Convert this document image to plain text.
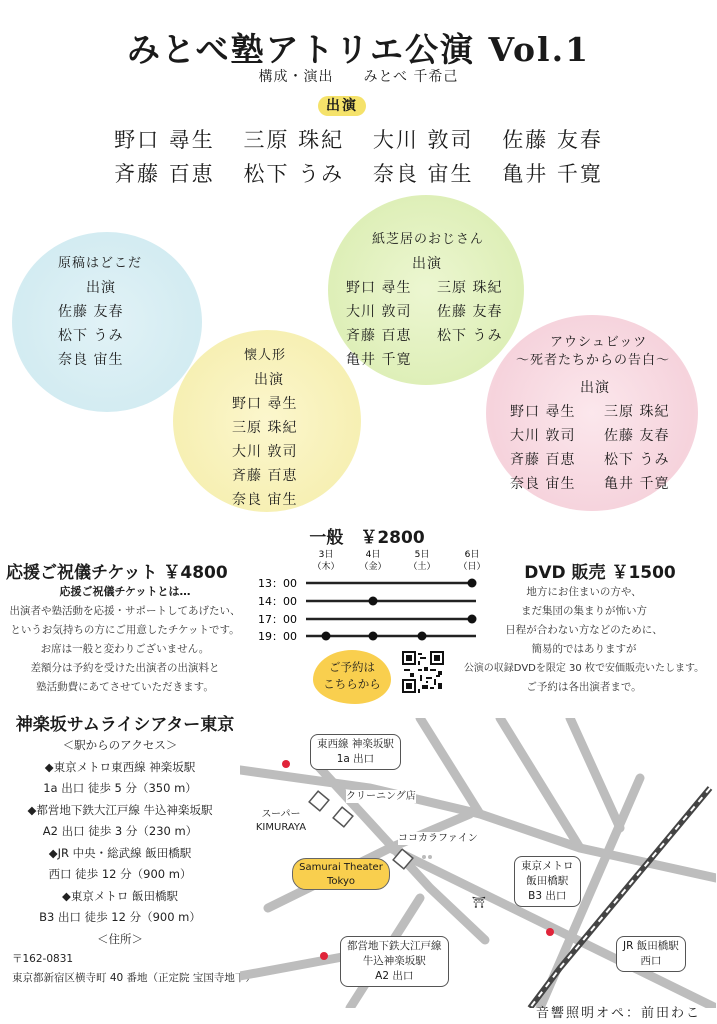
みとべ塾アトリエ公演 Vol.1
構成・演出　　みとべ 千希己
出演
野口 尋生 三原 珠紀 大川 敦司 佐藤 友春
斉藤 百恵 松下 うみ 奈良 宙生 亀井 千寛
原稿はどこだ
出演
佐藤 友春
松下 うみ
奈良 宙生
紙芝居のおじさん
出演
野口 尋生	三原 珠紀
大川 敦司	佐藤 友春
斉藤 百恵	松下 うみ
亀井 千寛
懐人形
出演
野口 尋生
三原 珠紀
大川 敦司
斉藤 百恵
奈良 宙生
アウシュビッツ
〜死者たちからの告白〜
出演
野口 尋生	三原 珠紀
大川 敦司	佐藤 友春
斉藤 百恵	松下 うみ
奈良 宙生	亀井 千寛
応援ご祝儀チケット ￥4800
応援ご祝儀チケットとは…
出演者や塾活動を応援・サポートしてあげたい、
というお気持ちの方にご用意したチケットです。
お席は一般と変わりございません。
差額分は予約を受けた出演者の出演料と
塾活動費にあてさせていただきます。
一般　￥2800
3日
（木）
4日
（金）
5日
（土）
6日
（日）
13：00
14：00
17：00
19：00
ご予約は
こちらから
DVD 販売 ￥1500
地方にお住まいの方や、
まだ集団の集まりが怖い方
日程が合わない方などのために、
簡易的ではありますが
公演の収録DVDを限定 30 枚で安価販売いたします。
ご予約は各出演者まで。
神楽坂サムライシアター東京
＜駅からのアクセス＞
◆東京メトロ東西線 神楽坂駅
1a 出口 徒歩 5 分（350 m）
◆都営地下鉄大江戸線 牛込神楽坂駅
A2 出口 徒歩 3 分（230 m）
◆JR 中央・総武線 飯田橋駅
西口 徒歩 12 分（900 m）
◆東京メトロ 飯田橋駅
B3 出口 徒歩 12 分（900 m）
＜住所＞
〒162-0831
東京都新宿区横寺町 40 番地（正定院 宝国寺地下）
東西線 神楽坂駅
1a 出口
クリーニング店
スーパー
KIMURAYA
ココカラファイン
Samurai Theater
Tokyo
⛩
東京メトロ
飯田橋駅
B3 出口
都営地下鉄大江戸線
牛込神楽坂駅
A2 出口
JR 飯田橋駅
西口
音響照明オペ：前田わこ
